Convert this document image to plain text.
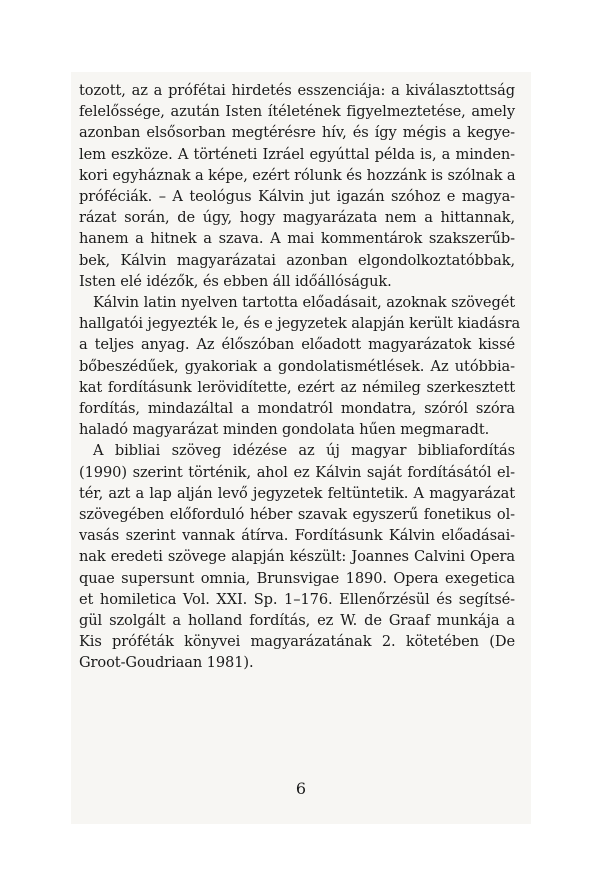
tozott, az a prófétai hirdetés esszenciája: a kiválasztottság
felelőssége, azután Isten ítéletének figyelmeztetése, amely
azonban elsősorban megtérésre hív, és így mégis a kegye-
lem eszköze. A történeti Izráel egyúttal példa is, a minden-
kori egyháznak a képe, ezért rólunk és hozzánk is szólnak a
próféciák. – A teológus Kálvin jut igazán szóhoz e magya-
rázat során, de úgy, hogy magyarázata nem a hittannak,
hanem a hitnek a szava. A mai kommentárok szakszerűb-
bek, Kálvin magyarázatai azonban elgondolkoztatóbbak,
Isten elé idézők, és ebben áll időállóságuk.
Kálvin latin nyelven tartotta előadásait, azoknak szövegét
hallgatói jegyezték le, és e jegyzetek alapján került kiadásra
a teljes anyag. Az élőszóban előadott magyarázatok kissé
bőbeszédűek, gyakoriak a gondolatismétlések. Az utóbbia-
kat fordításunk lerövidítette, ezért az némileg szerkesztett
fordítás, mindazáltal a mondatról mondatra, szóról szóra
haladó magyarázat minden gondolata hűen megmaradt.
A bibliai szöveg idézése az új magyar bibliafordítás
(1990) szerint történik, ahol ez Kálvin saját fordításától el-
tér, azt a lap alján levő jegyzetek feltüntetik. A magyarázat
szövegében előforduló héber szavak egyszerű fonetikus ol-
vasás szerint vannak átírva. Fordításunk Kálvin előadásai-
nak eredeti szövege alapján készült: Joannes Calvini Opera
quae supersunt omnia, Brunsvigae 1890. Opera exegetica
et homiletica Vol. XXI. Sp. 1–176. Ellenőrzésül és segítsé-
gül szolgált a holland fordítás, ez W. de Graaf munkája a
Kis próféták könyvei magyarázatának 2. kötetében (De
Groot-Goudriaan 1981).
6
